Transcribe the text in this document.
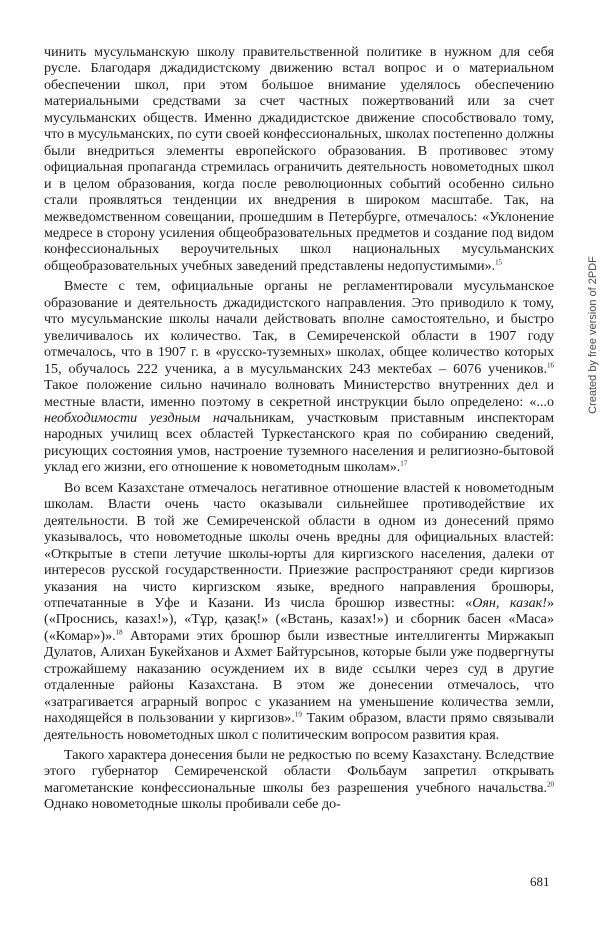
чинить мусульманскую школу правительственной политике в нужном для себя русле. Благодаря джадидистскому движению встал вопрос и о материальном обеспечении школ, при этом большое внимание уделялось обеспечению материальными средствами за счет частных пожертвований или за счет мусульманских обществ. Именно джадидистское движение способствовало тому, что в мусульманских, по сути своей конфессиональных, школах постепенно должны были внедриться элементы европейского образования. В противовес этому официальная пропаганда стремилась ограничить деятельность новометодных школ и в целом образования, когда после революционных событий особенно сильно стали проявляться тенденции их внедрения в широком масштабе. Так, на межведомственном совещании, прошедшим в Петербурге, отмечалось: «Уклонение медресе в сторону усиления общеобразовательных предметов и создание под видом конфессиональных вероучительных школ национальных мусульманских общеобразовательных учебных заведений представлены недопустимыми».$^{15}$

Вместе с тем, официальные органы не регламентировали мусульманское образование и деятельность джадидистского направления. Это приводило к тому, что мусульманские школы начали действовать вполне самостоятельно, и быстро увеличивалось их количество. Так, в Семиреченской области в 1907 году отмечалось, что в 1907 г. в «русско-туземных» школах, общее количество которых 15, обучалось 222 ученика, а в мусульманских 243 мектебах – 6076 учеников.$^{16}$ Такое положение сильно начинало волновать Министерство внутренних дел и местные власти, именно поэтому в секретной инструкции было определено: «...о необходимости уездным начальникам, участковым приставным инспекторам народных училищ всех областей Туркестанского края по собиранию сведений, рисующих состояния умов, настроение туземного населения и религиозно-бытовой уклад его жизни, его отношение к новометодным школам».$^{17}$

Во всем Казахстане отмечалось негативное отношение властей к новометодным школам. Власти очень часто оказывали сильнейшее противодействие их деятельности. В той же Семиреченской области в одном из донесений прямо указывалось, что новометодные школы очень вредны для официальных властей: «Открытые в степи летучие школы-юрты для киргизского населения, далеки от интересов русской государственности. Приезжие распространяют среди киргизов указания на чисто киргизском языке, вредного направления брошюры, отпечатанные в Уфе и Казани. Из числа брошюр известны: «Оян, казак!» («Проснись, казах!»), «Тұр, қазақ!» («Встань, казах!») и сборник басен «Маса» («Комар»)».$^{18}$ Авторами этих брошюр были известные интеллигенты Миржакып Дулатов, Алихан Букейханов и Ахмет Байтурсынов, которые были уже подвергнуты строжайшему наказанию осуждением их в виде ссылки через суд в другие отдаленные районы Казахстана. В этом же донесении отмечалось, что «затрагивается аграрный вопрос с указанием на уменьшение количества земли, находящейся в пользовании у киргизов».$^{19}$ Таким образом, власти прямо связывали деятельность новометодных школ с политическим вопросом развития края.

Такого характера донесения были не редкостью по всему Казахстану. Вследствие этого губернатор Семиреченской области Фольбаум запретил открывать магометанские конфессиональные школы без разрешения учебного начальства.$^{20}$ Однако новометодные школы пробивали себе до-

681
Created by free version of 2PDF
